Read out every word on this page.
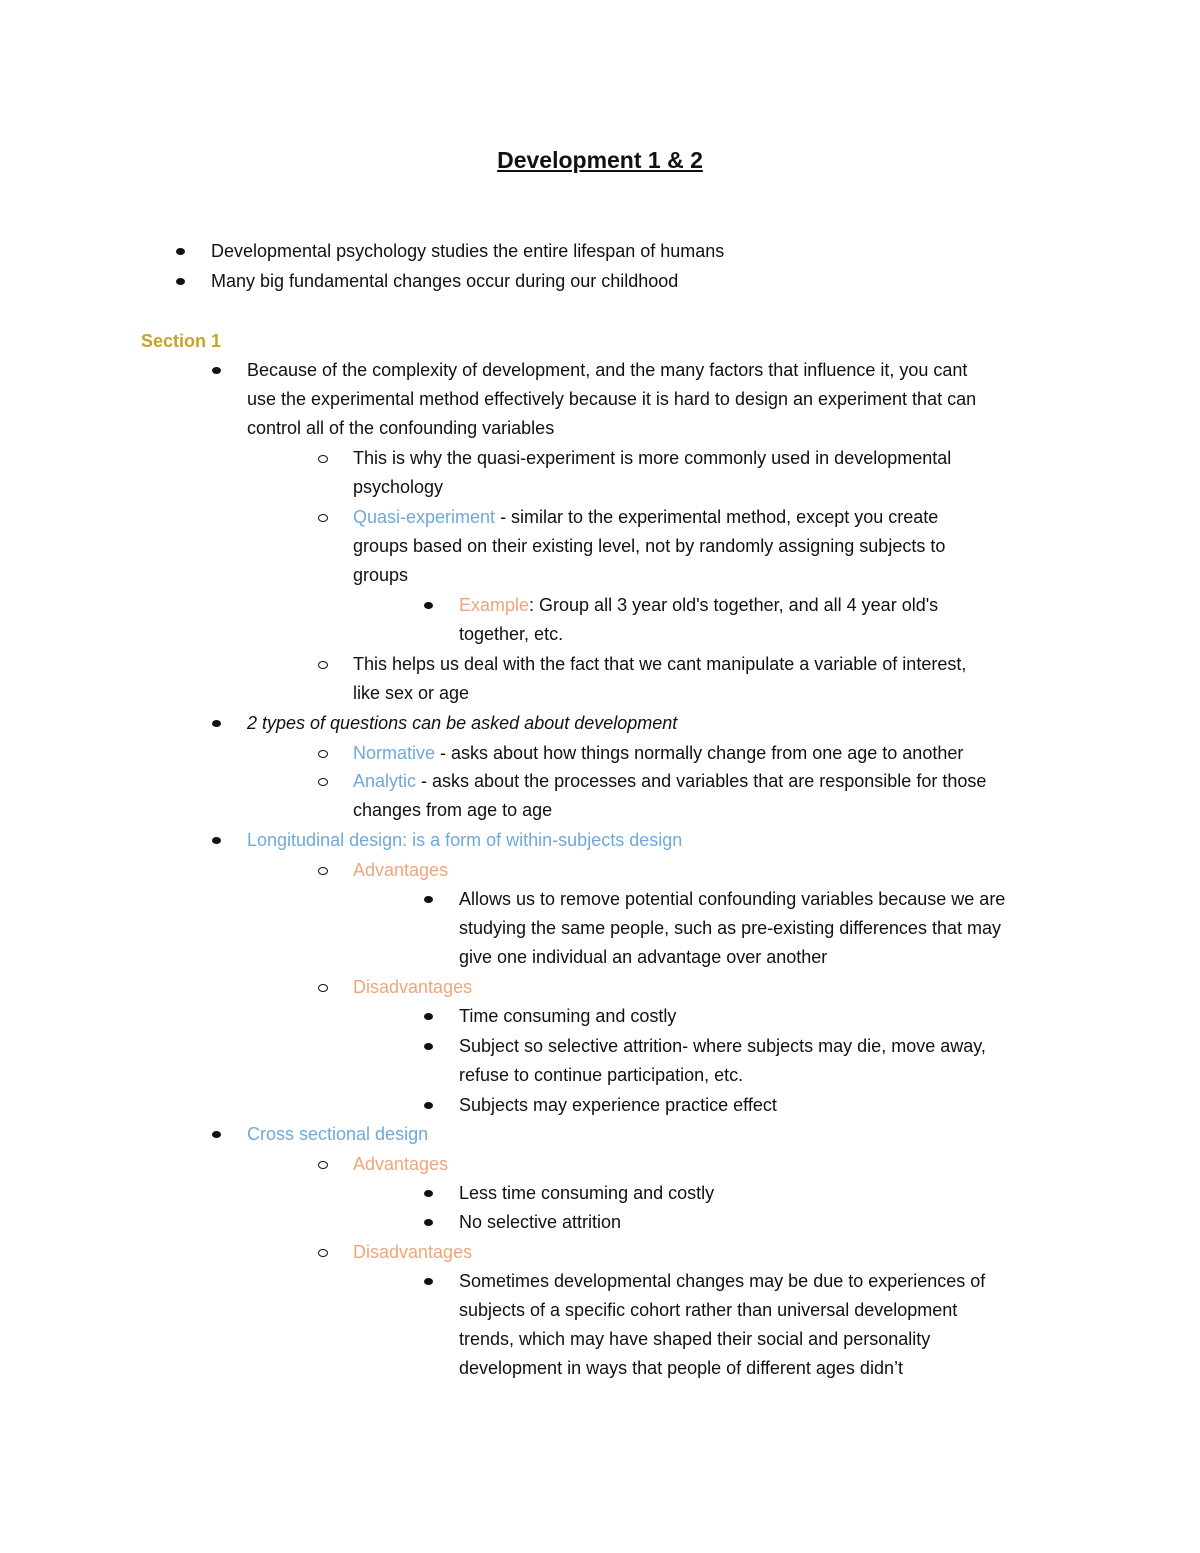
Development 1 & 2
Developmental psychology studies the entire lifespan of humans
Many big fundamental changes occur during our childhood
Section 1
Because of the complexity of development, and the many factors that influence it, you cant
use the experimental method effectively because it is hard to design an experiment that can
control all of the confounding variables
This is why the quasi-experiment is more commonly used in developmental
psychology
Quasi-experiment - similar to the experimental method, except you create
groups based on their existing level, not by randomly assigning subjects to
groups
Example: Group all 3 year old's together, and all 4 year old's
together, etc.
This helps us deal with the fact that we cant manipulate a variable of interest,
like sex or age
2 types of questions can be asked about development
Normative - asks about how things normally change from one age to another
Analytic - asks about the processes and variables that are responsible for those
changes from age to age
Longitudinal design: is a form of within-subjects design
Advantages
Allows us to remove potential confounding variables because we are
studying the same people, such as pre-existing differences that may
give one individual an advantage over another
Disadvantages
Time consuming and costly
Subject so selective attrition- where subjects may die, move away,
refuse to continue participation, etc.
Subjects may experience practice effect
Cross sectional design
Advantages
Less time consuming and costly
No selective attrition
Disadvantages
Sometimes developmental changes may be due to experiences of
subjects of a specific cohort rather than universal development
trends, which may have shaped their social and personality
development in ways that people of different ages didn’t
